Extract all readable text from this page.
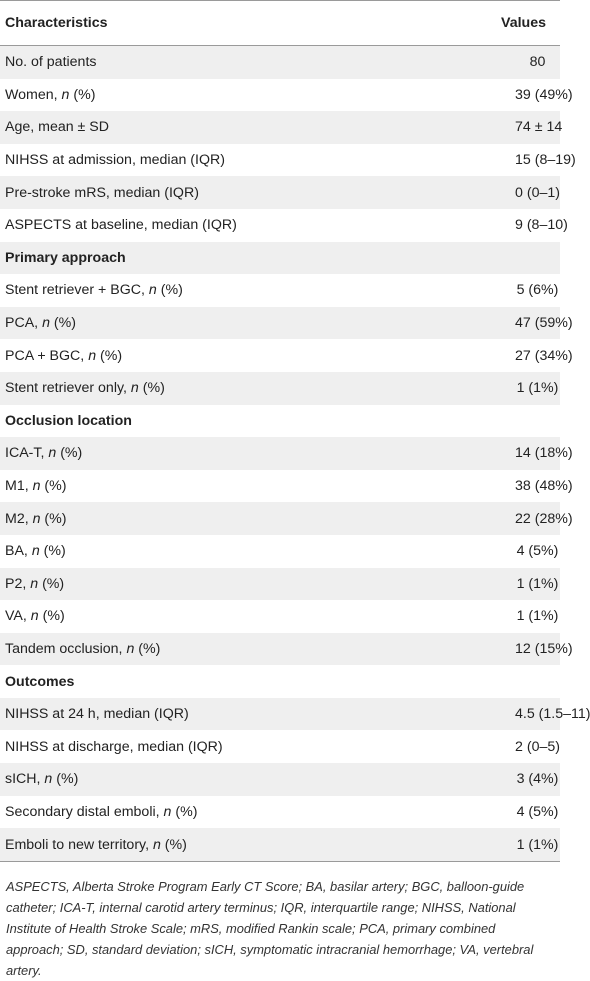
Characteristics	Values
No. of patients	80
Women, n (%)	39 (49%)
Age, mean ± SD	74 ± 14
NIHSS at admission, median (IQR)	15 (8–19)
Pre-stroke mRS, median (IQR)	0 (0–1)
ASPECTS at baseline, median (IQR)	9 (8–10)
Primary approach	
Stent retriever + BGC, n (%)	5 (6%)
PCA, n (%)	47 (59%)
PCA + BGC, n (%)	27 (34%)
Stent retriever only, n (%)	1 (1%)
Occlusion location	
ICA-T, n (%)	14 (18%)
M1, n (%)	38 (48%)
M2, n (%)	22 (28%)
BA, n (%)	4 (5%)
P2, n (%)	1 (1%)
VA, n (%)	1 (1%)
Tandem occlusion, n (%)	12 (15%)
Outcomes	
NIHSS at 24 h, median (IQR)	4.5 (1.5–11)
NIHSS at discharge, median (IQR)	2 (0–5)
sICH, n (%)	3 (4%)
Secondary distal emboli, n (%)	4 (5%)
Emboli to new territory, n (%)	1 (1%)
ASPECTS, Alberta Stroke Program Early CT Score; BA, basilar artery; BGC, balloon-guide catheter; ICA-T, internal carotid artery terminus; IQR, interquartile range; NIHSS, National Institute of Health Stroke Scale; mRS, modified Rankin scale; PCA, primary combined approach; SD, standard deviation; sICH, symptomatic intracranial hemorrhage; VA, vertebral artery.
